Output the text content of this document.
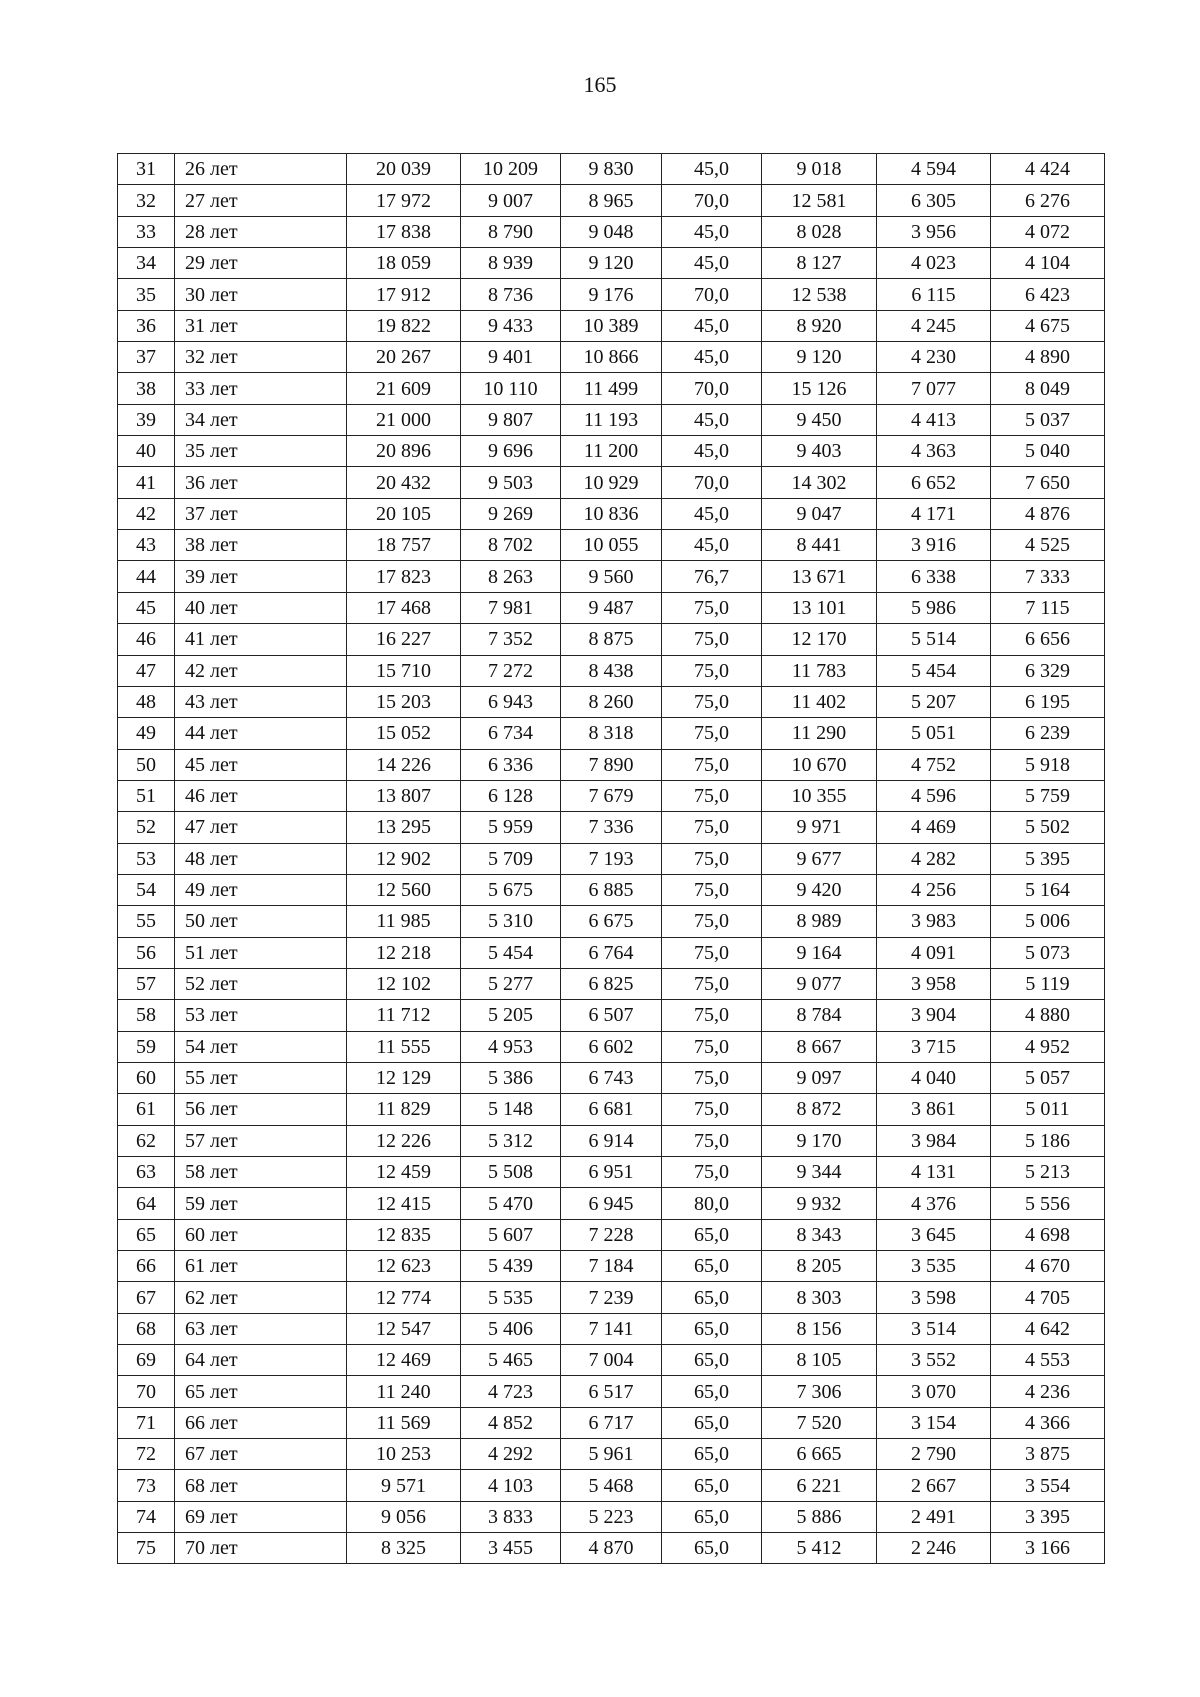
165
31	26 лет	20 039	10 209	9 830	45,0	9 018	4 594	4 424
32	27 лет	17 972	9 007	8 965	70,0	12 581	6 305	6 276
33	28 лет	17 838	8 790	9 048	45,0	8 028	3 956	4 072
34	29 лет	18 059	8 939	9 120	45,0	8 127	4 023	4 104
35	30 лет	17 912	8 736	9 176	70,0	12 538	6 115	6 423
36	31 лет	19 822	9 433	10 389	45,0	8 920	4 245	4 675
37	32 лет	20 267	9 401	10 866	45,0	9 120	4 230	4 890
38	33 лет	21 609	10 110	11 499	70,0	15 126	7 077	8 049
39	34 лет	21 000	9 807	11 193	45,0	9 450	4 413	5 037
40	35 лет	20 896	9 696	11 200	45,0	9 403	4 363	5 040
41	36 лет	20 432	9 503	10 929	70,0	14 302	6 652	7 650
42	37 лет	20 105	9 269	10 836	45,0	9 047	4 171	4 876
43	38 лет	18 757	8 702	10 055	45,0	8 441	3 916	4 525
44	39 лет	17 823	8 263	9 560	76,7	13 671	6 338	7 333
45	40 лет	17 468	7 981	9 487	75,0	13 101	5 986	7 115
46	41 лет	16 227	7 352	8 875	75,0	12 170	5 514	6 656
47	42 лет	15 710	7 272	8 438	75,0	11 783	5 454	6 329
48	43 лет	15 203	6 943	8 260	75,0	11 402	5 207	6 195
49	44 лет	15 052	6 734	8 318	75,0	11 290	5 051	6 239
50	45 лет	14 226	6 336	7 890	75,0	10 670	4 752	5 918
51	46 лет	13 807	6 128	7 679	75,0	10 355	4 596	5 759
52	47 лет	13 295	5 959	7 336	75,0	9 971	4 469	5 502
53	48 лет	12 902	5 709	7 193	75,0	9 677	4 282	5 395
54	49 лет	12 560	5 675	6 885	75,0	9 420	4 256	5 164
55	50 лет	11 985	5 310	6 675	75,0	8 989	3 983	5 006
56	51 лет	12 218	5 454	6 764	75,0	9 164	4 091	5 073
57	52 лет	12 102	5 277	6 825	75,0	9 077	3 958	5 119
58	53 лет	11 712	5 205	6 507	75,0	8 784	3 904	4 880
59	54 лет	11 555	4 953	6 602	75,0	8 667	3 715	4 952
60	55 лет	12 129	5 386	6 743	75,0	9 097	4 040	5 057
61	56 лет	11 829	5 148	6 681	75,0	8 872	3 861	5 011
62	57 лет	12 226	5 312	6 914	75,0	9 170	3 984	5 186
63	58 лет	12 459	5 508	6 951	75,0	9 344	4 131	5 213
64	59 лет	12 415	5 470	6 945	80,0	9 932	4 376	5 556
65	60 лет	12 835	5 607	7 228	65,0	8 343	3 645	4 698
66	61 лет	12 623	5 439	7 184	65,0	8 205	3 535	4 670
67	62 лет	12 774	5 535	7 239	65,0	8 303	3 598	4 705
68	63 лет	12 547	5 406	7 141	65,0	8 156	3 514	4 642
69	64 лет	12 469	5 465	7 004	65,0	8 105	3 552	4 553
70	65 лет	11 240	4 723	6 517	65,0	7 306	3 070	4 236
71	66 лет	11 569	4 852	6 717	65,0	7 520	3 154	4 366
72	67 лет	10 253	4 292	5 961	65,0	6 665	2 790	3 875
73	68 лет	9 571	4 103	5 468	65,0	6 221	2 667	3 554
74	69 лет	9 056	3 833	5 223	65,0	5 886	2 491	3 395
75	70 лет	8 325	3 455	4 870	65,0	5 412	2 246	3 166
